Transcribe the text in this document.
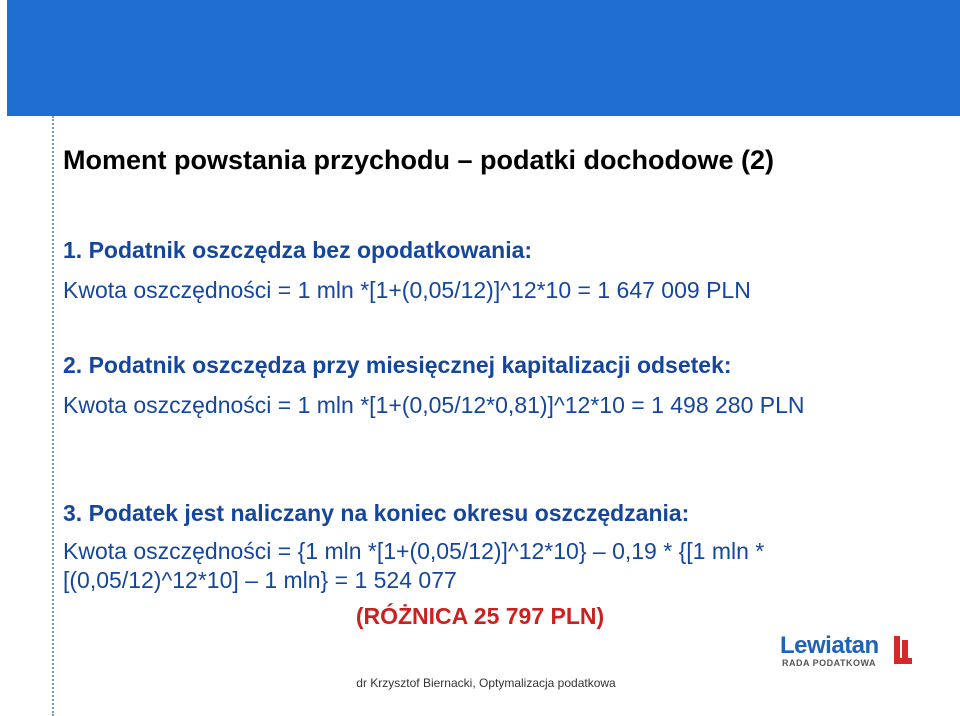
Moment powstania przychodu – podatki dochodowe (2)

1. Podatnik oszczędza bez opodatkowania:

Kwota oszczędności = 1 mln *[1+(0,05/12)]^12*10 = 1 647 009 PLN

2. Podatnik oszczędza przy miesięcznej kapitalizacji odsetek:

Kwota oszczędności = 1 mln *[1+(0,05/12*0,81)]^12*10 = 1 498 280 PLN

3. Podatek jest naliczany na koniec okresu oszczędzania:

Kwota oszczędności = {1 mln *[1+(0,05/12)]^12*10} – 0,19 * {[1 mln * [(0,05/12)^12*10] – 1 mln} = 1 524 077

(RÓŻNICA 25 797 PLN)
Lewiatan
RADA PODATKOWA
dr Krzysztof Biernacki, Optymalizacja podatkowa
